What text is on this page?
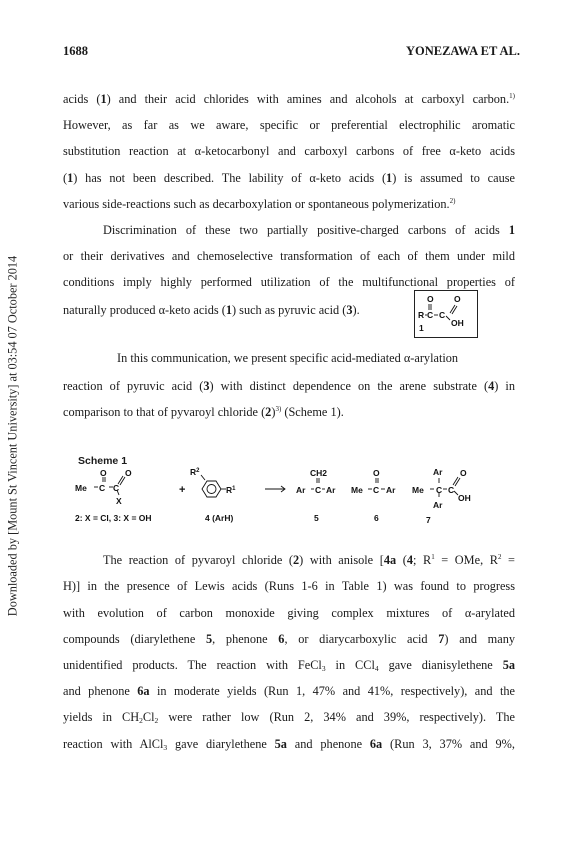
Downloaded by [Mount St Vincent University] at 03:54 07 October 2014
1688	YONEZAWA ET AL.
acids (1) and their acid chlorides with amines and alcohols at carboxyl carbon.$^{1)}$
However, as far as we aware, specific or preferential electrophilic aromatic
substitution reaction at α-ketocarbonyl and carboxyl carbons of free α-keto acids
(1) has not been described. The lability of α-keto acids (1) is assumed to cause
various side-reactions such as decarboxylation or spontaneous polymerization.$^{2)}$
Discrimination of these two partially positive-charged carbons of acids 1
or their derivatives and chemoselective transformation of each of them under mild
conditions imply highly performed utilization of the multifunctional properties of
naturally produced α-keto acids (1) such as pyruvic acid (3).
O O
R C C
OH
1
In this communication, we present specific acid-mediated α-arylation
reaction of pyruvic acid (3) with distinct dependence on the arene substrate (4) in
comparison to that of pyvaroyl chloride $(2)^{3)}$ (Scheme 1).
Scheme 1
Me
O
C C
O
X
+
$R^2$
$R^1$
CH2
Ar C Ar
O
Me C Ar
Ar
Me C C
O
OH
Ar
2: X = Cl, 3: X = OH	4 (ArH)	5	6	7
The reaction of pyvaroyl chloride (2) with anisole [4a (4; $R^1$ = OMe, $R^2$ =
H)] in the presence of Lewis acids (Runs 1-6 in Table 1) was found to progress
with evolution of carbon monoxide giving complex mixtures of α-arylated
compounds (diarylethene 5, phenone 6, or diarycarboxylic acid 7) and many
unidentified products. The reaction with FeCl$_3$ in CCl$_4$ gave dianisylethene 5a
and phenone 6a in moderate yields (Run 1, 47% and 41%, respectively), and the
yields in $CH_2Cl_2$ were rather low (Run 2, 34% and 39%, respectively). The
reaction with AlCl$_3$ gave diarylethene 5a and phenone 6a (Run 3, 37% and 9%,
